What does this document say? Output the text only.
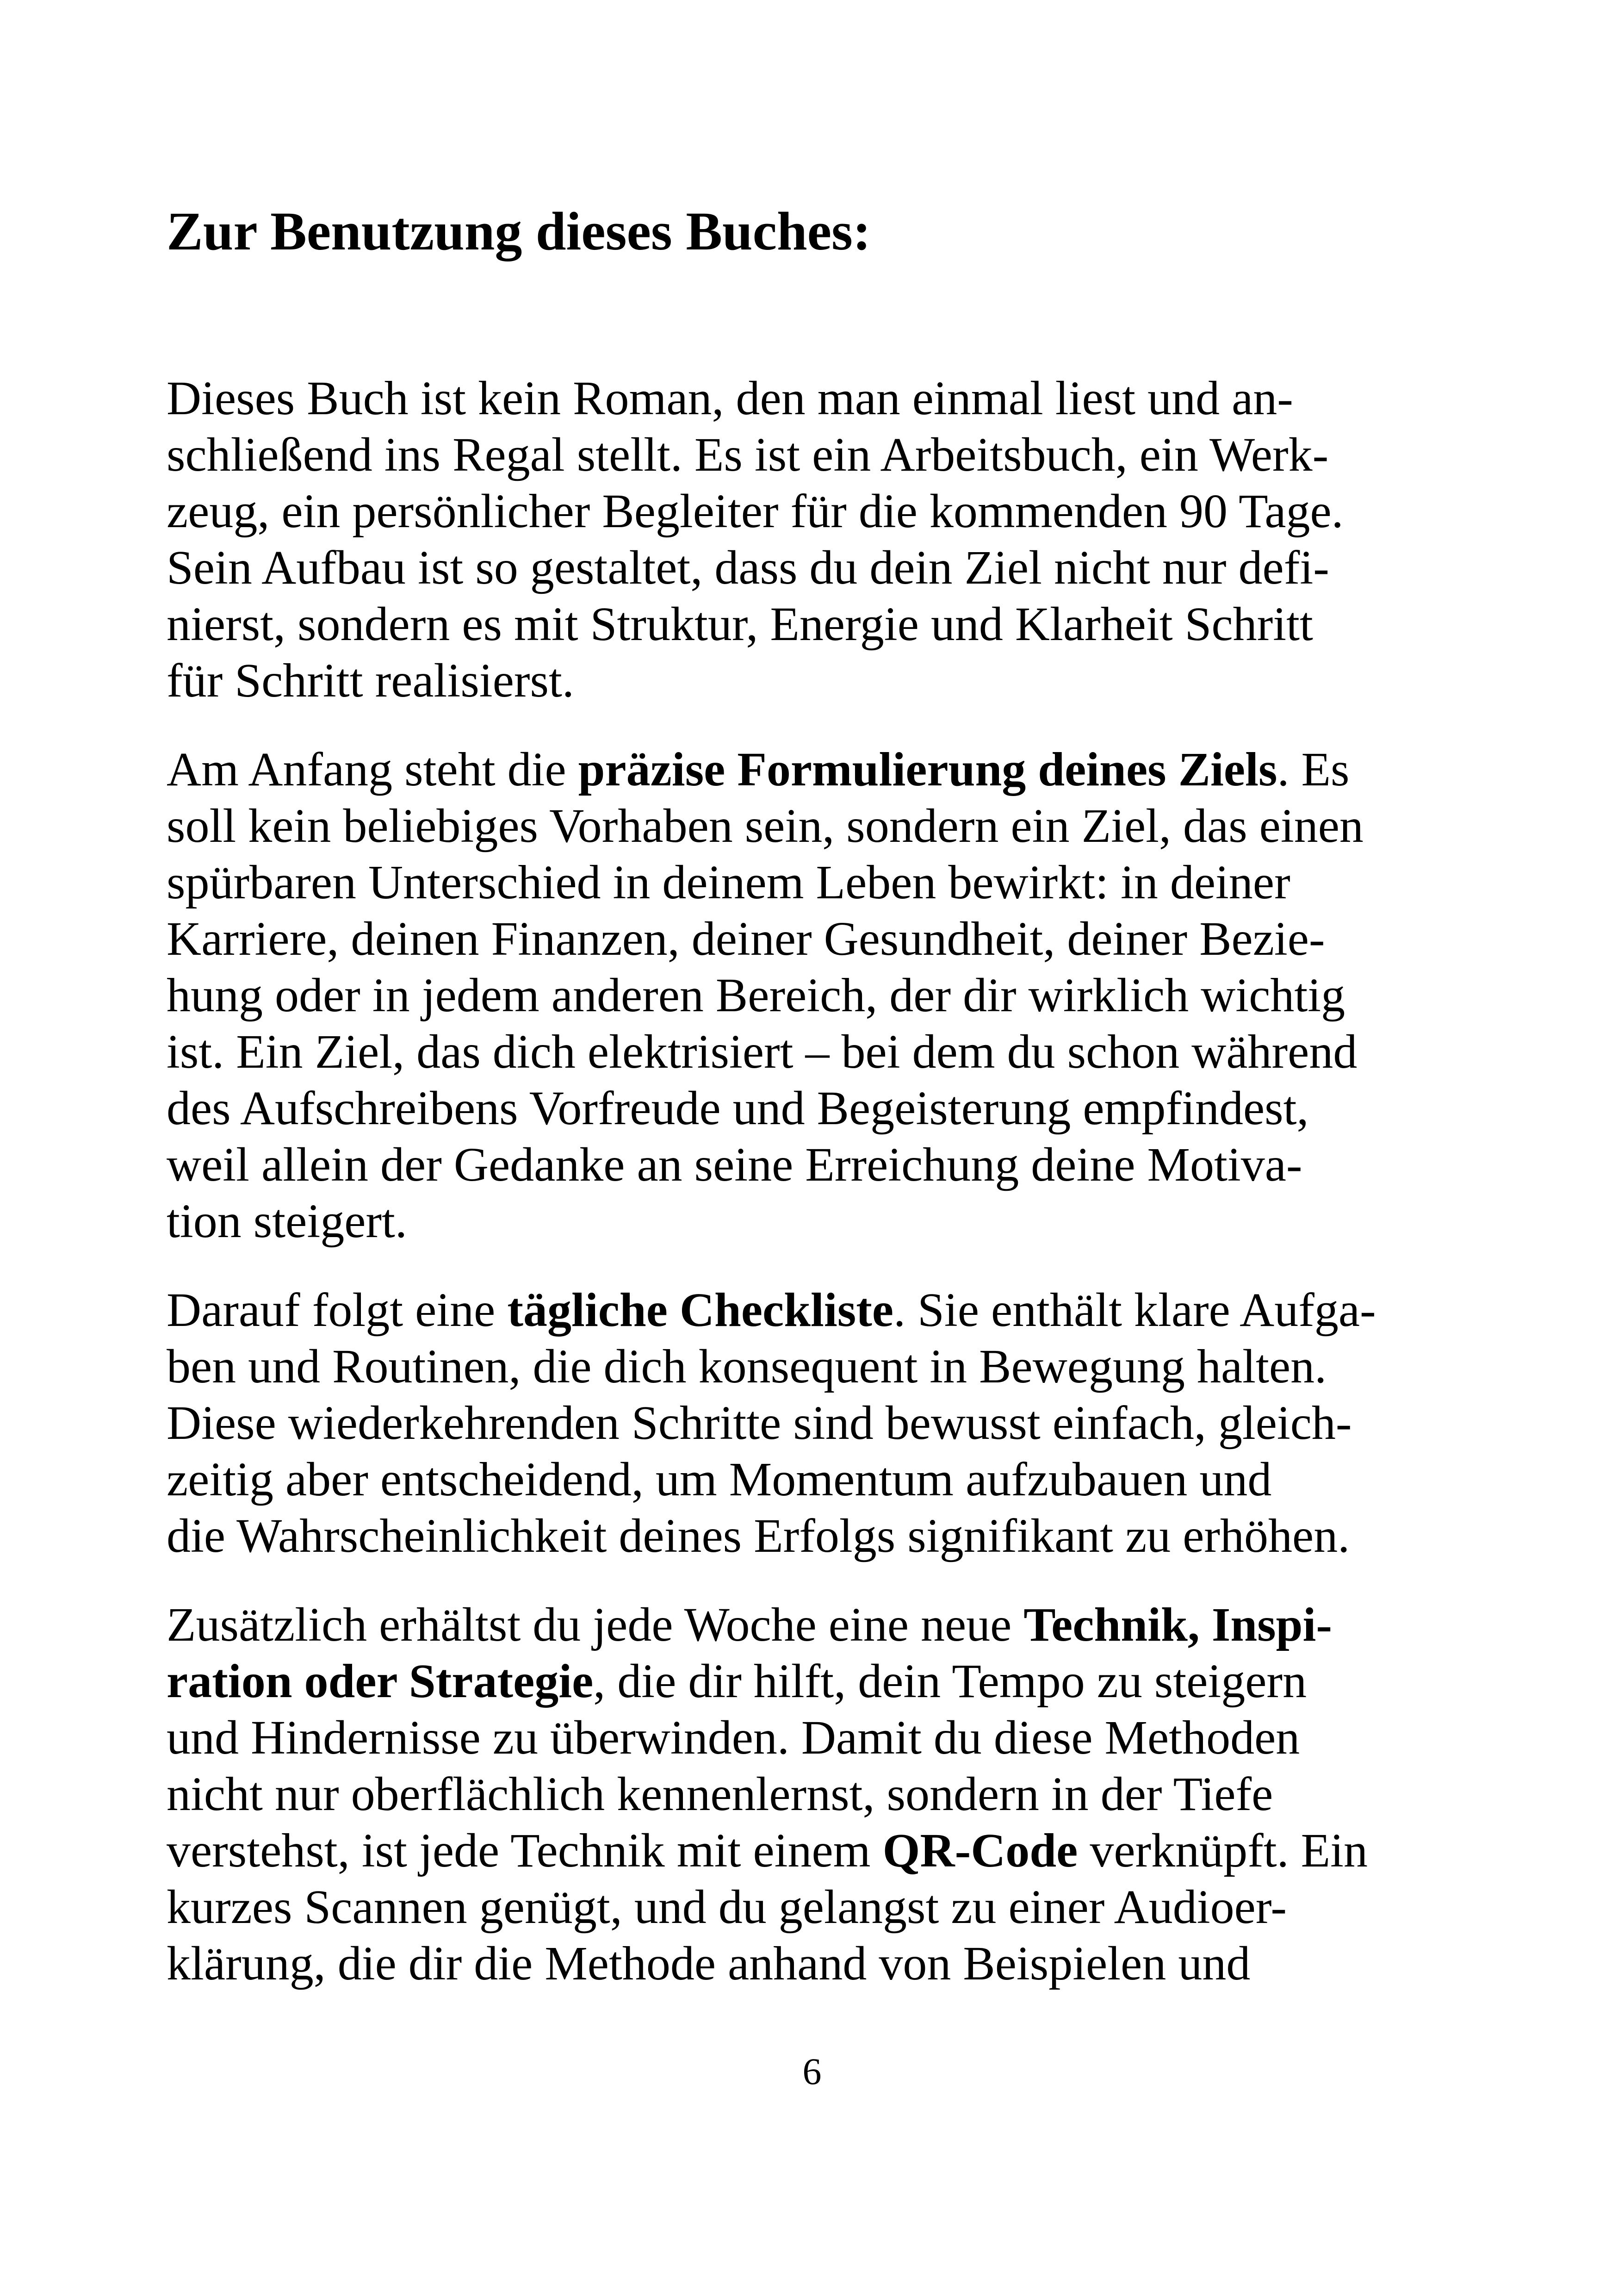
Zur Benutzung dieses Buches:
Dieses Buch ist kein Roman, den man einmal liest und an-
schließend ins Regal stellt. Es ist ein Arbeitsbuch, ein Werk-
zeug, ein persönlicher Begleiter für die kommenden 90 Tage.
Sein Aufbau ist so gestaltet, dass du dein Ziel nicht nur defi-
nierst, sondern es mit Struktur, Energie und Klarheit Schritt
für Schritt realisierst.
Am Anfang steht die präzise Formulierung deines Ziels. Es
soll kein beliebiges Vorhaben sein, sondern ein Ziel, das einen
spürbaren Unterschied in deinem Leben bewirkt: in deiner
Karriere, deinen Finanzen, deiner Gesundheit, deiner Bezie-
hung oder in jedem anderen Bereich, der dir wirklich wichtig
ist. Ein Ziel, das dich elektrisiert – bei dem du schon während
des Aufschreibens Vorfreude und Begeisterung empfindest,
weil allein der Gedanke an seine Erreichung deine Motiva-
tion steigert.
Darauf folgt eine tägliche Checkliste. Sie enthält klare Aufga-
ben und Routinen, die dich konsequent in Bewegung halten.
Diese wiederkehrenden Schritte sind bewusst einfach, gleich-
zeitig aber entscheidend, um Momentum aufzubauen und
die Wahrscheinlichkeit deines Erfolgs signifikant zu erhöhen.
Zusätzlich erhältst du jede Woche eine neue Technik, Inspi-
ration oder Strategie, die dir hilft, dein Tempo zu steigern
und Hindernisse zu überwinden. Damit du diese Methoden
nicht nur oberflächlich kennenlernst, sondern in der Tiefe
verstehst, ist jede Technik mit einem QR-Code verknüpft. Ein
kurzes Scannen genügt, und du gelangst zu einer Audioer-
klärung, die dir die Methode anhand von Beispielen und
6
